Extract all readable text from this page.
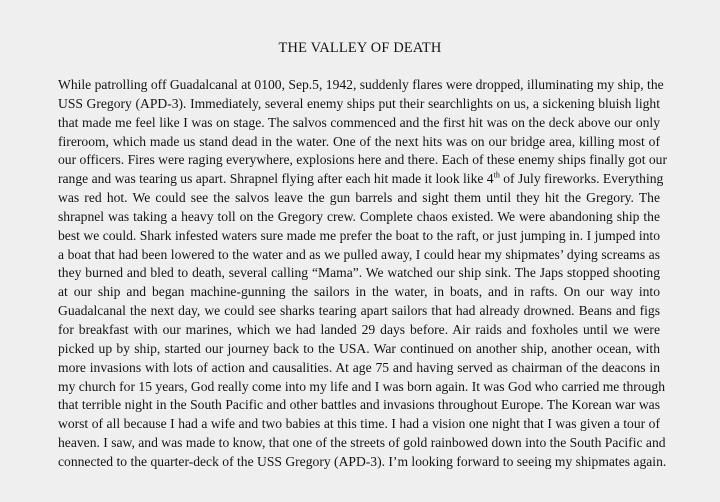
THE VALLEY OF DEATH
While patrolling off Guadalcanal at 0100, Sep.5, 1942, suddenly flares were dropped, illuminating my ship, the
USS Gregory (APD-3). Immediately, several enemy ships put their searchlights on us, a sickening bluish light
that made me feel like I was on stage. The salvos commenced and the first hit was on the deck above our only
fireroom, which made us stand dead in the water. One of the next hits was on our bridge area, killing most of
our officers. Fires were raging everywhere, explosions here and there. Each of these enemy ships finally got our
range and was tearing us apart. Shrapnel flying after each hit made it look like 4th of July fireworks. Everything
was red hot. We could see the salvos leave the gun barrels and sight them until they hit the Gregory. The
shrapnel was taking a heavy toll on the Gregory crew. Complete chaos existed. We were abandoning ship the
best we could. Shark infested waters sure made me prefer the boat to the raft, or just jumping in. I jumped into
a boat that had been lowered to the water and as we pulled away, I could hear my shipmates’ dying screams as
they burned and bled to death, several calling “Mama”. We watched our ship sink. The Japs stopped shooting
at our ship and began machine-gunning the sailors in the water, in boats, and in rafts. On our way into
Guadalcanal the next day, we could see sharks tearing apart sailors that had already drowned. Beans and figs
for breakfast with our marines, which we had landed 29 days before. Air raids and foxholes until we were
picked up by ship, started our journey back to the USA. War continued on another ship, another ocean, with
more invasions with lots of action and causalities. At age 75 and having served as chairman of the deacons in
my church for 15 years, God really come into my life and I was born again. It was God who carried me through
that terrible night in the South Pacific and other battles and invasions throughout Europe. The Korean war was
worst of all because I had a wife and two babies at this time. I had a vision one night that I was given a tour of
heaven. I saw, and was made to know, that one of the streets of gold rainbowed down into the South Pacific and
connected to the quarter-deck of the USS Gregory (APD-3). I’m looking forward to seeing my shipmates again.
